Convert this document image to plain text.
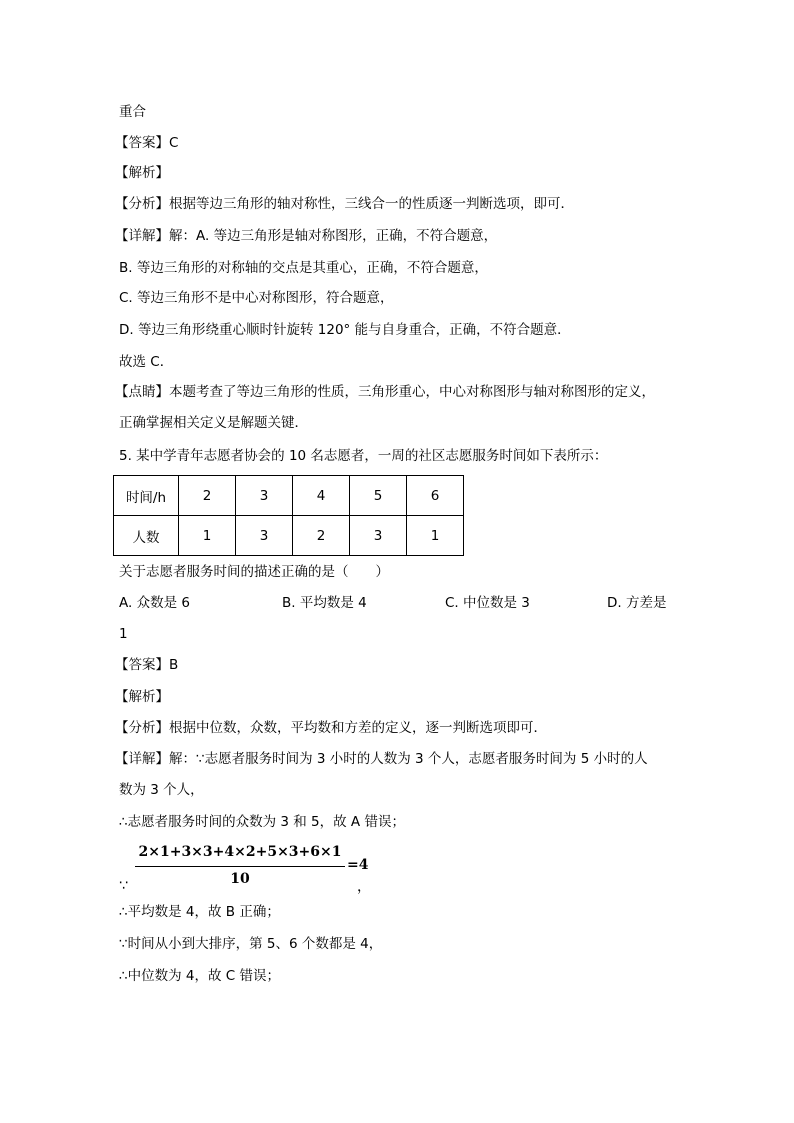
重合
【答案】C
【解析】
【分析】根据等边三角形的轴对称性，三线合一的性质逐一判断选项，即可．
【详解】解：A. 等边三角形是轴对称图形，正确，不符合题意，
B. 等边三角形的对称轴的交点是其重心，正确，不符合题意，
C. 等边三角形不是中心对称图形，符合题意，
D. 等边三角形绕重心顺时针旋转 120° 能与自身重合，正确，不符合题意．
故选 C．
【点睛】本题考查了等边三角形的性质，三角形重心，中心对称图形与轴对称图形的定义，
正确掌握相关定义是解题关键．
5. 某中学青年志愿者协会的 10 名志愿者，一周的社区志愿服务时间如下表所示：
时间/h	2	3	4	5	6
人数	1	3	2	3	1
关于志愿者服务时间的描述正确的是（　　）
A. 众数是 6	B. 平均数是 4	C. 中位数是 3	D. 方差是
1
【答案】B
【解析】
【分析】根据中位数，众数，平均数和方差的定义，逐一判断选项即可．
【详解】解：∵志愿者服务时间为 3 小时的人数为 3 个人，志愿者服务时间为 5 小时的人
数为 3 个人，
∴志愿者服务时间的众数为 3 和 5，故 A 错误；
∵
2×1+3×3+4×2+5×3+6×1
10
=4
，
∴平均数是 4，故 B 正确；
∵时间从小到大排序，第 5、6 个数都是 4，
∴中位数为 4，故 C 错误；
